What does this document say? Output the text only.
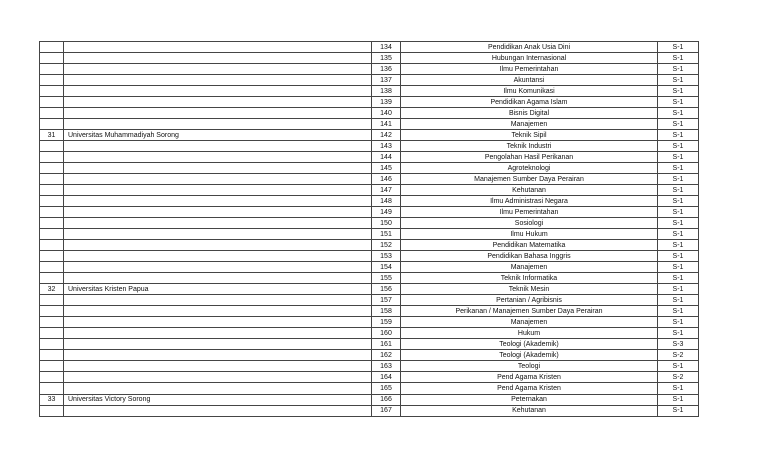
		134	Pendidikan Anak Usia Dini	S-1
		135	Hubungan Internasional	S-1
		136	Ilmu Pemerintahan	S-1
		137	Akuntansi	S-1
		138	Ilmu Komunikasi	S-1
		139	Pendidikan Agama Islam	S-1
		140	Bisnis Digital	S-1
		141	Manajemen	S-1
31	Universitas Muhammadiyah Sorong	142	Teknik Sipil	S-1
		143	Teknik Industri	S-1
		144	Pengolahan Hasil Perikanan	S-1
		145	Agroteknologi	S-1
		146	Manajemen Sumber Daya Perairan	S-1
		147	Kehutanan	S-1
		148	Ilmu Administrasi Negara	S-1
		149	Ilmu Pemerintahan	S-1
		150	Sosiologi	S-1
		151	Ilmu Hukum	S-1
		152	Pendidikan Matematika	S-1
		153	Pendidikan Bahasa Inggris	S-1
		154	Manajemen	S-1
		155	Teknik Informatika	S-1
32	Universitas Kristen Papua	156	Teknik Mesin	S-1
		157	Pertanian / Agribisnis	S-1
		158	Perikanan / Manajemen Sumber Daya Perairan	S-1
		159	Manajemen	S-1
		160	Hukum	S-1
		161	Teologi (Akademik)	S-3
		162	Teologi (Akademik)	S-2
		163	Teologi	S-1
		164	Pend Agama Kristen	S-2
		165	Pend Agama Kristen	S-1
33	Universitas Victory Sorong	166	Peternakan	S-1
		167	Kehutanan	S-1
